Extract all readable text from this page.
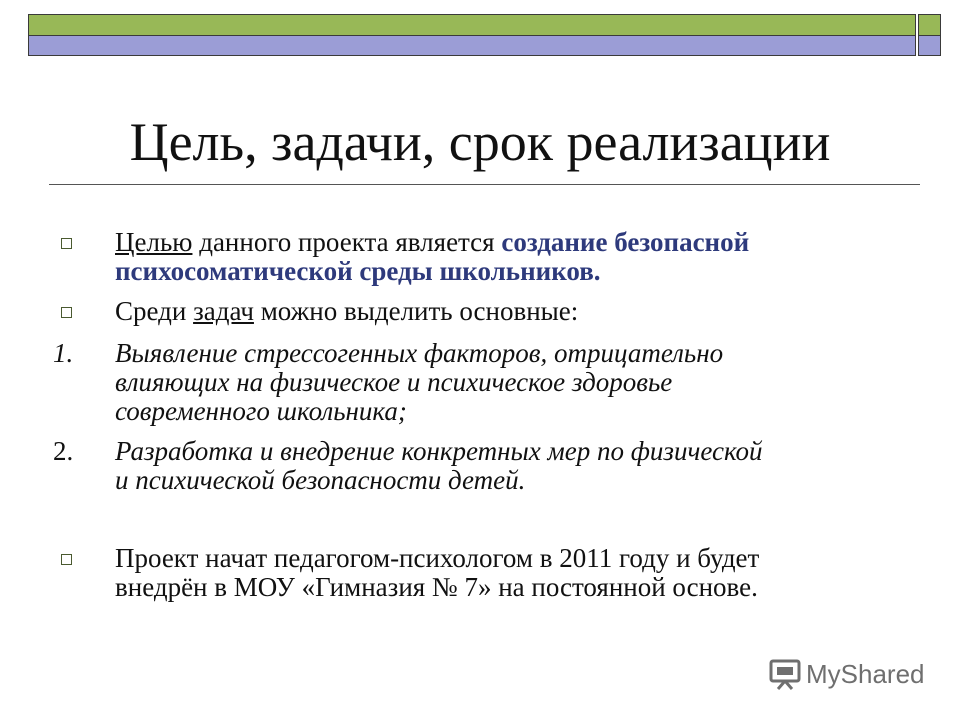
Цель, задачи, срок реализации
Целью данного проекта является создание безопасной
психосоматической среды школьников.
Среди задач можно выделить основные:
1. Выявление стрессогенных факторов, отрицательно
влияющих на физическое и психическое здоровье
современного школьника;
2. Разработка и внедрение конкретных мер по физической
и психической безопасности детей.
Проект начат педагогом-психологом в 2011 году и будет
внедрён в МОУ «Гимназия № 7» на постоянной основе.
MyShared
